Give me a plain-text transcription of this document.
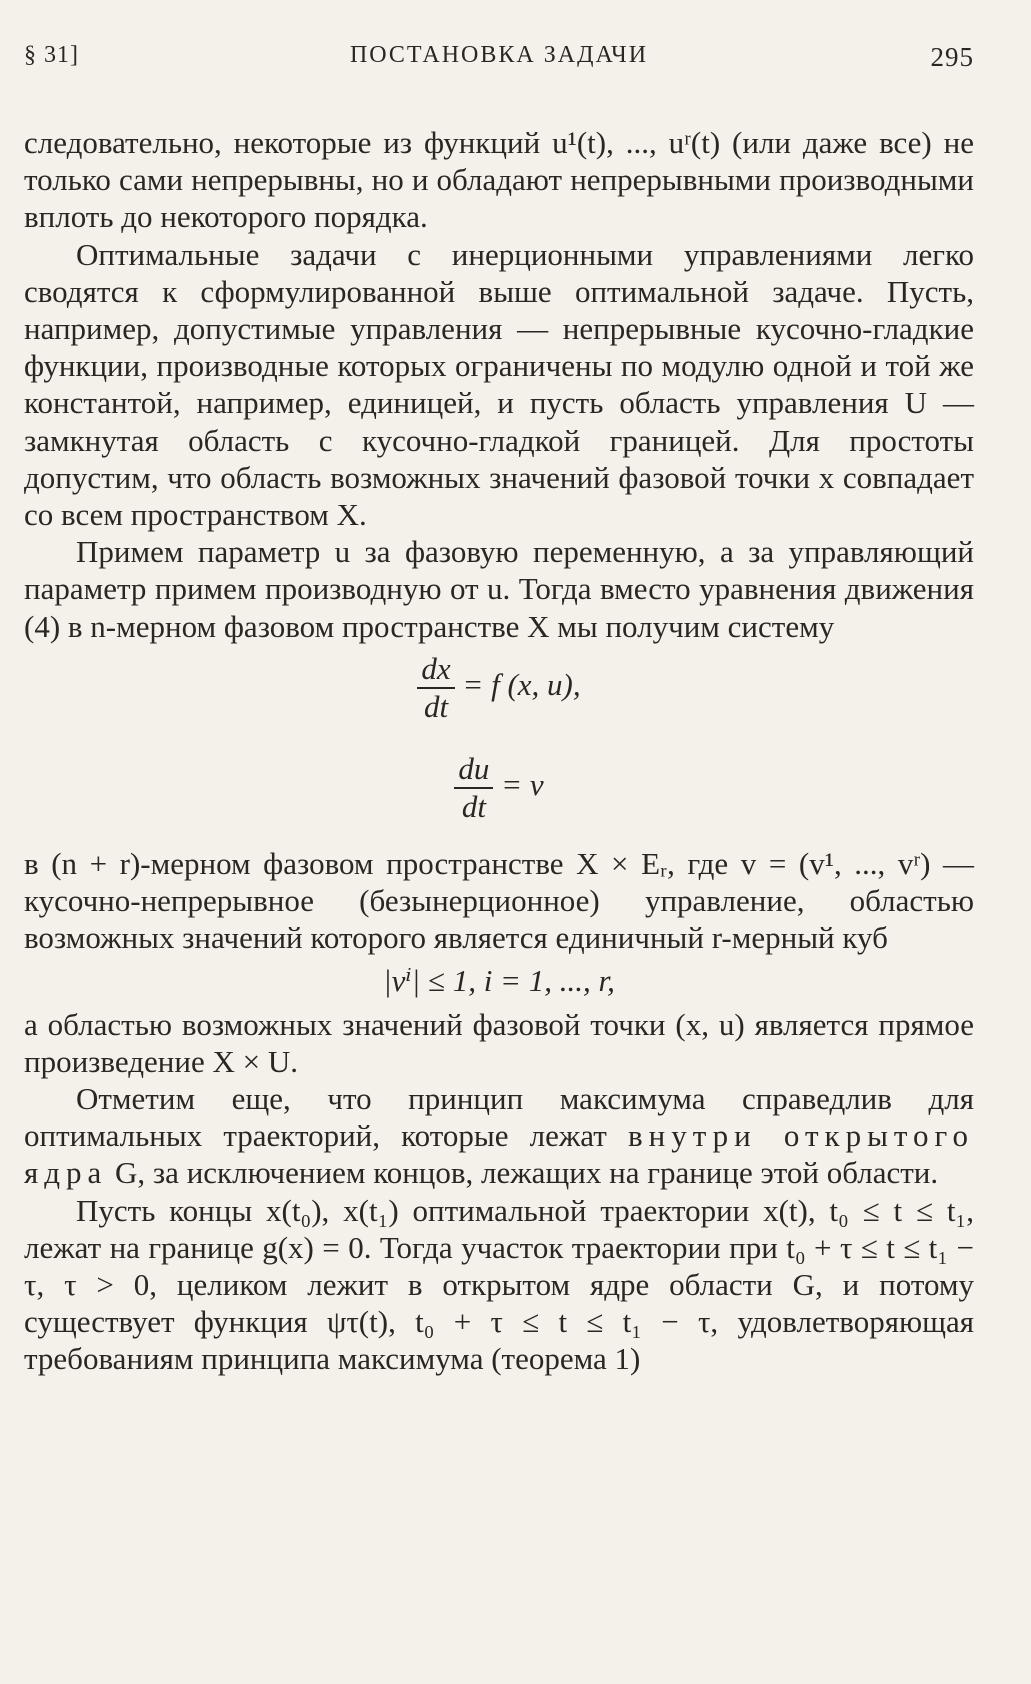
§ 31]	ПОСТАНОВКА ЗАДАЧИ	295

следовательно, некоторые из функций u¹(t), ..., uʳ(t) (или даже все) не только сами непрерывны, но и обладают непрерывными производными вплоть до некоторого порядка.

Оптимальные задачи с инерционными управлениями легко сводятся к сформулированной выше оптимальной задаче. Пусть, например, допустимые управления — непрерывные кусочно-гладкие функции, производные которых ограничены по модулю одной и той же константой, например, единицей, и пусть область управления U — замкнутая область с кусочно-гладкой границей. Для простоты допустим, что область возможных значений фазовой точки x совпадает со всем пространством X.

Примем параметр u за фазовую переменную, а за управляющий параметр примем производную от u. Тогда вместо уравнения движения (4) в n-мерном фазовом пространстве X мы получим систему

$\frac{dx}{dt} = f$ (x, u),
$\frac{du}{dt} = v$

в (n + r)-мерном фазовом пространстве X × Eᵣ, где v = (v¹, ..., vʳ) — кусочно-непрерывное (безынерционное) управление, областью возможных значений которого является единичный r-мерный куб

|vⁱ| ≤ 1, i = 1, ..., r,

а областью возможных значений фазовой точки (x, u) является прямое произведение X × U.

Отметим еще, что принцип максимума справедлив для оптимальных траекторий, которые лежат внутри открытого ядра G, за исключением концов, лежащих на границе этой области.

Пусть концы x(t₀), x(t₁) оптимальной траектории x(t), t₀ ≤ t ≤ t₁, лежат на границе g(x) = 0. Тогда участок траектории при t₀ + τ ≤ t ≤ t₁ − τ, τ > 0, целиком лежит в открытом ядре области G, и потому существует функция ψτ(t), t₀ + τ ≤ t ≤ t₁ − τ, удовлетворяющая требованиям принципа максимума (теорема 1)
